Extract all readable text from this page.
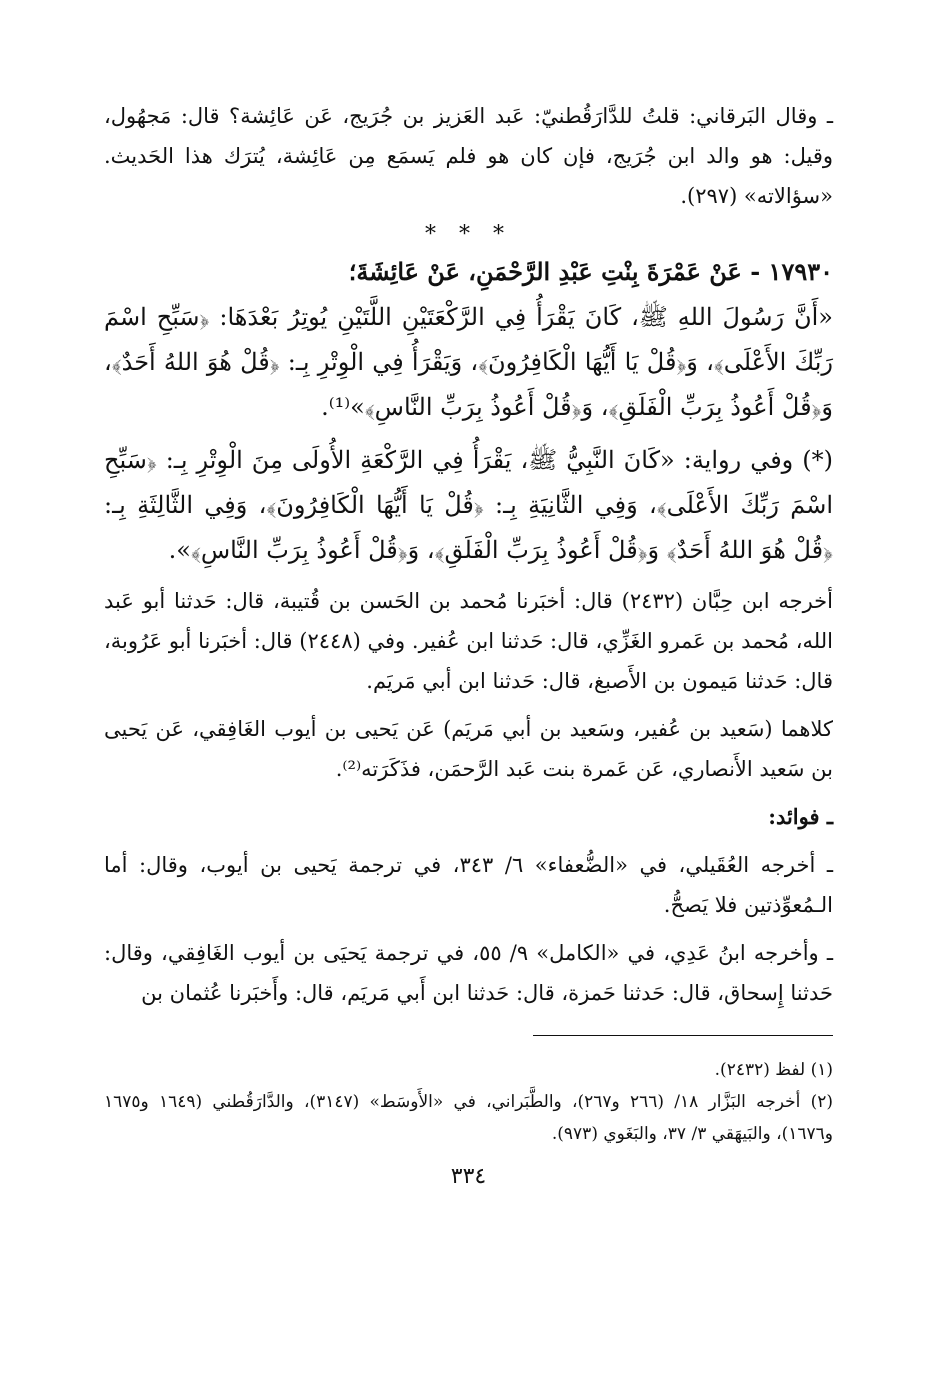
ـ وقال البَرقاني: قلتُ للدَّارَقُطنيّ: عَبد العَزيز بن جُرَيج، عَن عَائِشة؟ قال: مَجهُول، وقيل: هو والد ابن جُرَيج، فإن كان هو فلم يَسمَع مِن عَائِشة، يُترَك هذا الحَديث. «سؤالاته» (٢٩٧).

* * *

١٧٩٣٠ - عَنْ عَمْرَةَ بِنْتِ عَبْدِ الرَّحْمَنِ، عَنْ عَائِشَةَ؛

«أَنَّ رَسُولَ اللهِ ﷺ، كَانَ يَقْرَأُ فِي الرَّكْعَتَيْنِ اللَّتَيْنِ يُوتِرُ بَعْدَهَا: ﴿سَبِّحِ اسْمَ رَبِّكَ الأَعْلَى﴾، وَ﴿قُلْ يَا أَيُّهَا الْكَافِرُونَ﴾، وَيَقْرَأُ فِي الْوِتْرِ بِـ: ﴿قُلْ هُوَ اللهُ أَحَدٌ﴾، وَ﴿قُلْ أَعُوذُ بِرَبِّ الْفَلَقِ﴾، وَ﴿قُلْ أَعُوذُ بِرَبِّ النَّاسِ﴾»⁽¹⁾.

(*) وفي رواية: «كَانَ النَّبِيُّ ﷺ، يَقْرَأُ فِي الرَّكْعَةِ الأُولَى مِنَ الْوِتْرِ بِـ: ﴿سَبِّحِ اسْمَ رَبِّكَ الأَعْلَى﴾، وَفِي الثَّانِيَةِ بِـ: ﴿قُلْ يَا أَيُّهَا الْكَافِرُونَ﴾، وَفِي الثَّالِثَةِ بِـ: ﴿قُلْ هُوَ اللهُ أَحَدٌ﴾ وَ﴿قُلْ أَعُوذُ بِرَبِّ الْفَلَقِ﴾، وَ﴿قُلْ أَعُوذُ بِرَبِّ النَّاسِ﴾».

أخرجه ابن حِبَّان (٢٤٣٢) قال: أخبَرنا مُحمد بن الحَسن بن قُتيبة، قال: حَدثنا أبو عَبد الله، مُحمد بن عَمرو الغَزِّي، قال: حَدثنا ابن عُفير. وفي (٢٤٤٨) قال: أخبَرنا أبو عَرُوبة، قال: حَدثنا مَيمون بن الأَصبغ، قال: حَدثنا ابن أبي مَريَم.

كلاهما (سَعيد بن عُفير، وسَعيد بن أبي مَريَم) عَن يَحيى بن أيوب الغَافِقي، عَن يَحيى بن سَعيد الأَنصاري، عَن عَمرة بنت عَبد الرَّحمَن، فذَكَرَته⁽²⁾.

ـ فوائد:

ـ أخرجه العُقَيلي، في «الضُّعفاء» ٦/ ٣٤٣، في ترجمة يَحيى بن أيوب، وقال: أما الـمُعوِّذتين فلا يَصحُّ.

ـ وأخرجه ابنُ عَدِي، في «الكامل» ٩/ ٥٥، في ترجمة يَحيَى بن أيوب الغَافِقي، وقال: حَدثنا إِسحاق، قال: حَدثنا حَمزة، قال: حَدثنا ابن أَبي مَريَم، قال: وأَخبَرنا عُثمان بن

(١) لفظ (٢٤٣٢).

(٢) أخرجه البَزَّار ١٨/ (٢٦٦ و٢٦٧)، والطَّبَراني، في «الأَوسَط» (٣١٤٧)، والدَّارَقُطني (١٦٤٩ و١٦٧٥ و١٦٧٦)، والبَيهَقي ٣/ ٣٧، والبَغَوي (٩٧٣).

٣٣٤
